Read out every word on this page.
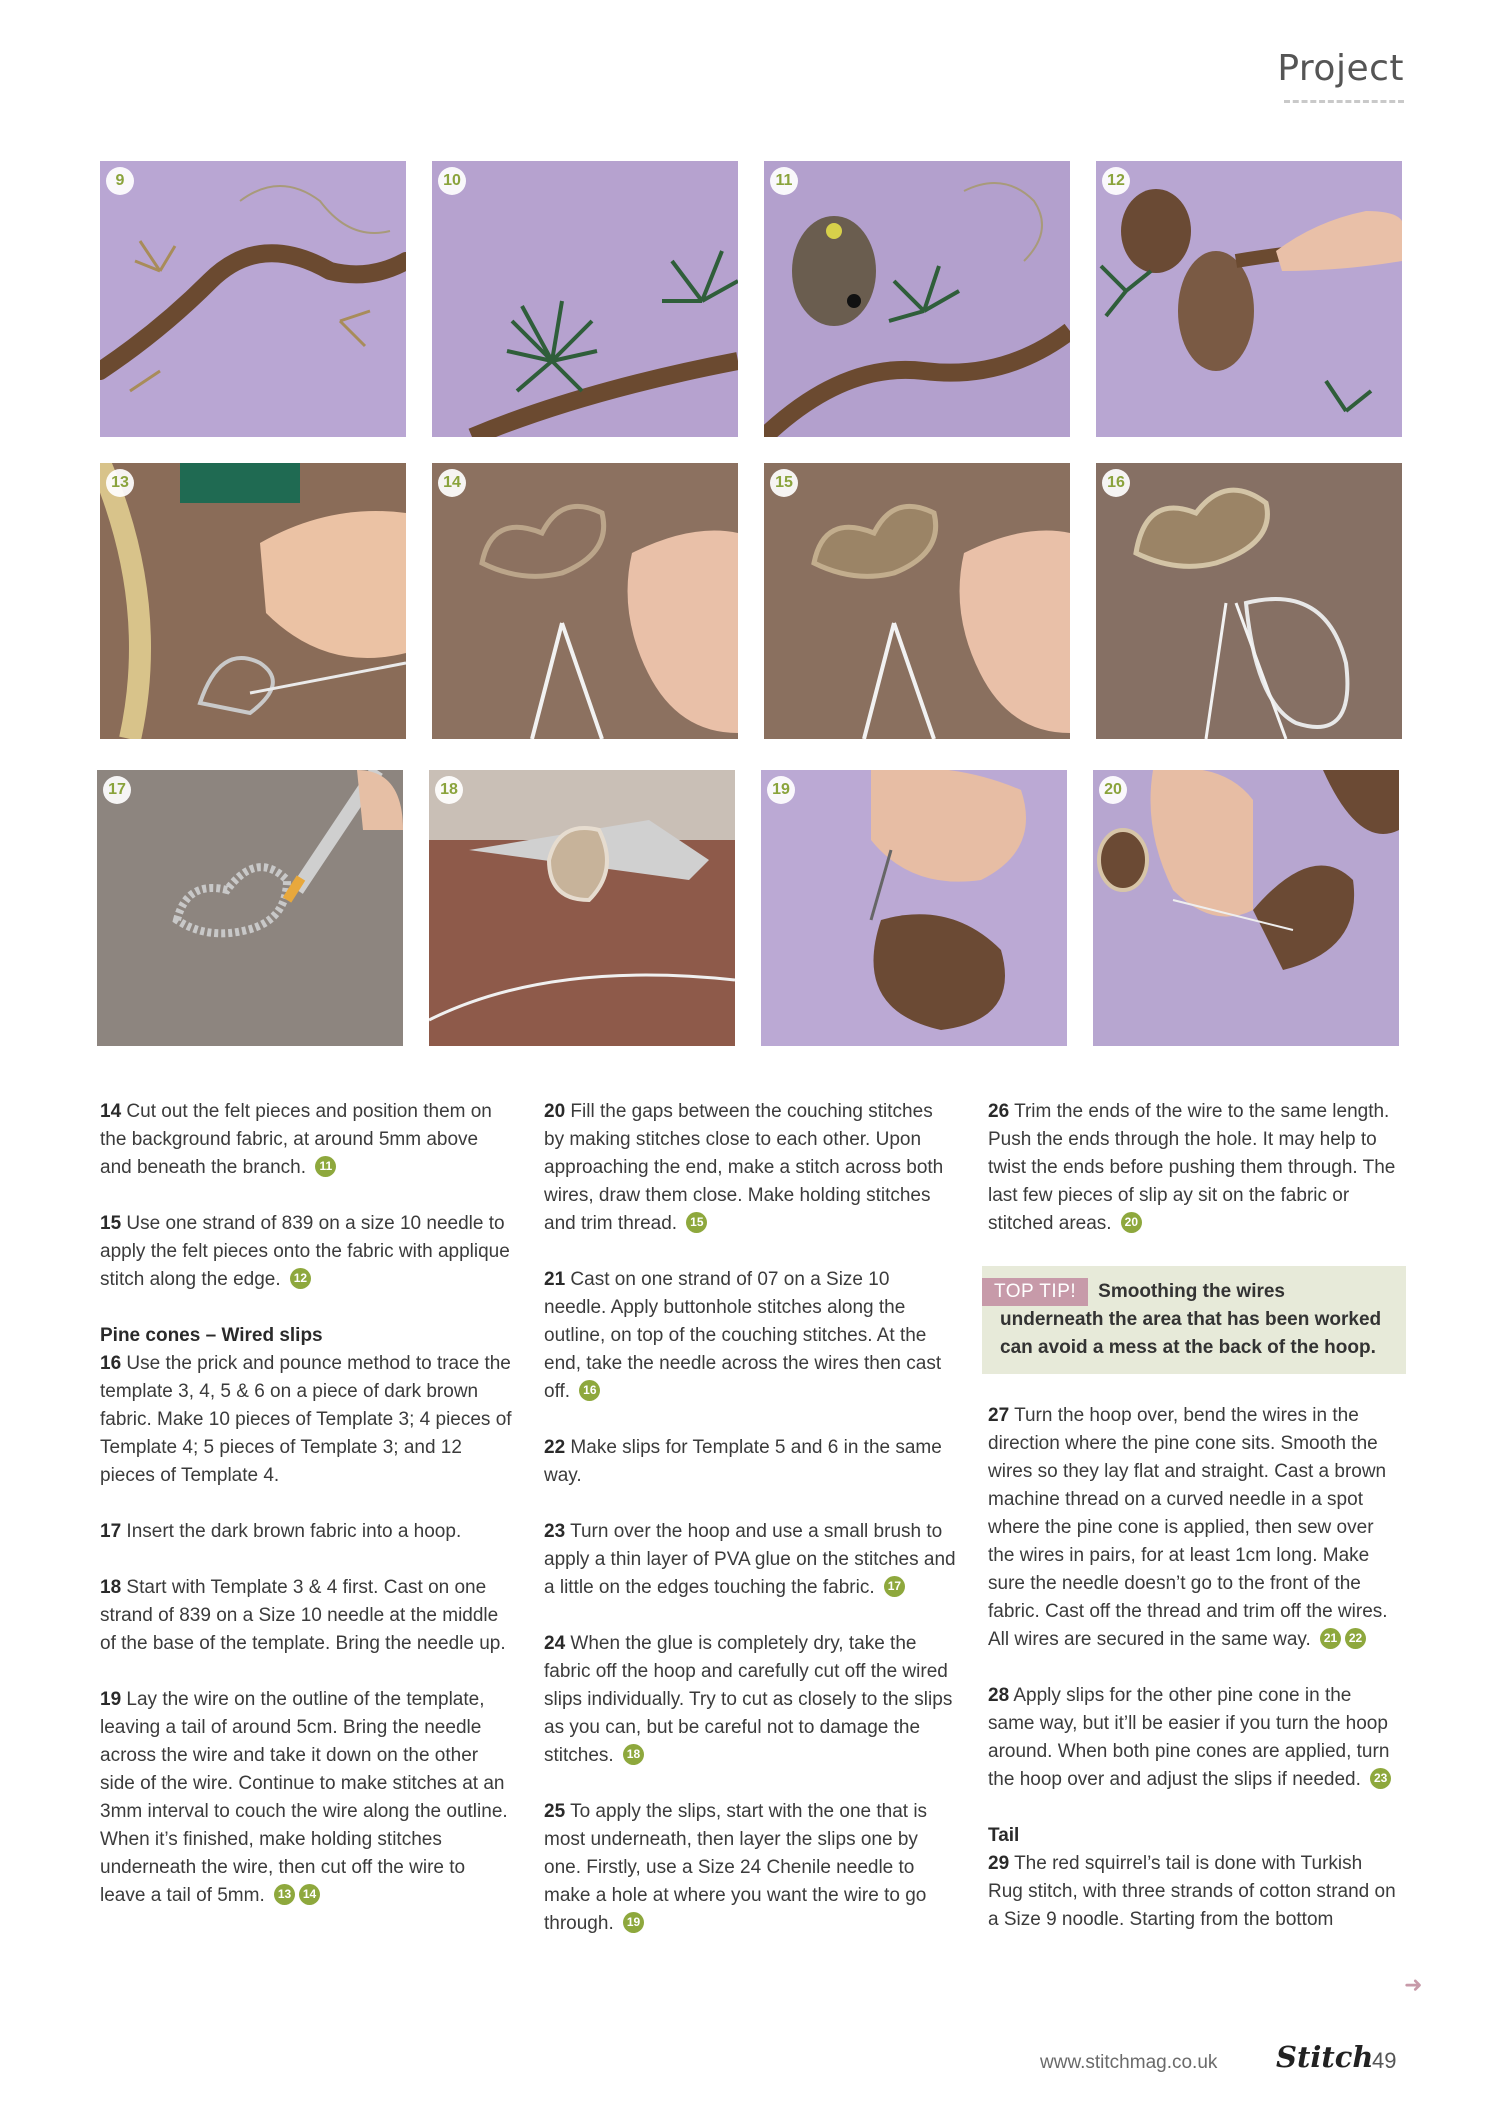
Project
9	10	11	12
13	14	15	16
17	18	19	20

14 Cut out the felt pieces and position them on the background fabric, at around 5mm above and beneath the branch. 11

15 Use one strand of 839 on a size 10 needle to apply the felt pieces onto the fabric with applique stitch along the edge. 12

Pine cones – Wired slips

16 Use the prick and pounce method to trace the template 3, 4, 5 & 6 on a piece of dark brown fabric. Make 10 pieces of Template 3; 4 pieces of Template 4; 5 pieces of Template 3; and 12 pieces of Template 4.

17 Insert the dark brown fabric into a hoop.

18 Start with Template 3 & 4 first. Cast on one strand of 839 on a Size 10 needle at the middle of the base of the template. Bring the needle up.

19 Lay the wire on the outline of the template, leaving a tail of around 5cm. Bring the needle across the wire and take it down on the other side of the wire. Continue to make stitches at an 3mm interval to couch the wire along the outline. When it’s finished, make holding stitches underneath the wire, then cut off the wire to leave a tail of 5mm. 13 14

20 Fill the gaps between the couching stitches by making stitches close to each other. Upon approaching the end, make a stitch across both wires, draw them close. Make holding stitches and trim thread. 15

21 Cast on one strand of 07 on a Size 10 needle. Apply buttonhole stitches along the outline, on top of the couching stitches. At the end, take the needle across the wires then cast off. 16

22 Make slips for Template 5 and 6 in the same way.

23 Turn over the hoop and use a small brush to apply a thin layer of PVA glue on the stitches and a little on the edges touching the fabric. 17

24 When the glue is completely dry, take the fabric off the hoop and carefully cut off the wired slips individually. Try to cut as closely to the slips as you can, but be careful not to damage the stitches. 18

25 To apply the slips, start with the one that is most underneath, then layer the slips one by one. Firstly, use a Size 24 Chenile needle to make a hole at where you want the wire to go through. 19

26 Trim the ends of the wire to the same length. Push the ends through the hole. It may help to twist the ends before pushing them through. The last few pieces of slip ay sit on the fabric or stitched areas. 20

TOP TIP! Smoothing the wires underneath the area that has been worked can avoid a mess at the back of the hoop.

27 Turn the hoop over, bend the wires in the direction where the pine cone sits. Smooth the wires so they lay flat and straight. Cast a brown machine thread on a curved needle in a spot where the pine cone is applied, then sew over the wires in pairs, for at least 1cm long. Make sure the needle doesn’t go to the front of the fabric. Cast off the thread and trim off the wires. All wires are secured in the same way. 21 22

28 Apply slips for the other pine cone in the same way, but it’ll be easier if you turn the hoop around. When both pine cones are applied, turn the hoop over and adjust the slips if needed. 23

Tail

29 The red squirrel’s tail is done with Turkish Rug stitch, with three strands of cotton strand on a Size 9 noodle. Starting from the bottom

➜
www.stitchmag.co.uk Stitch
49
